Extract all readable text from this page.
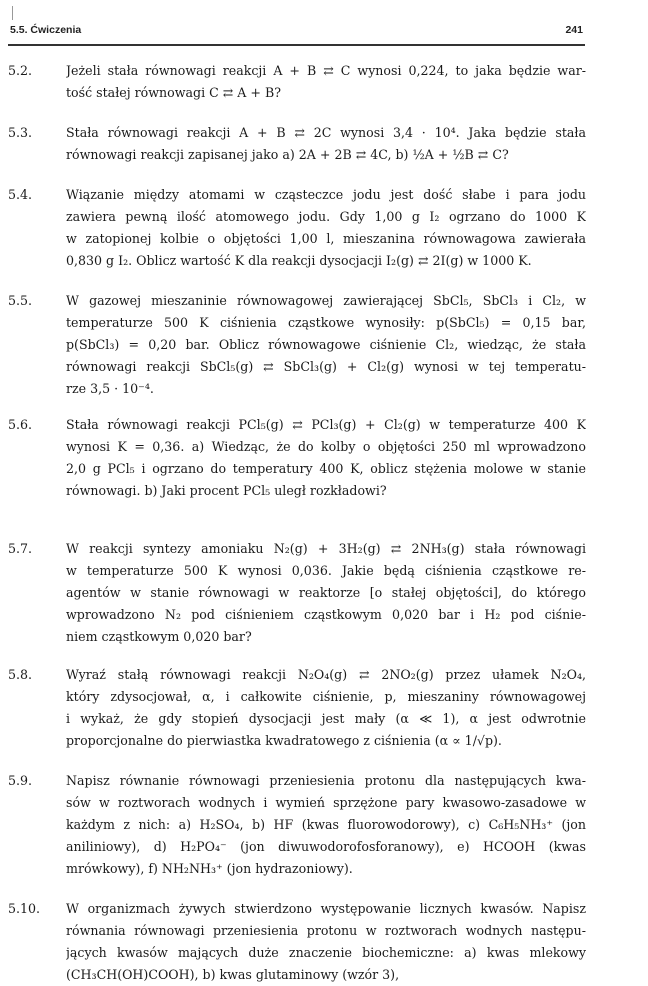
5.5. Ćwiczenia	241
5.2.	Jeżeli stała równowagi reakcji A + B ⇄ C wynosi 0,224, to jaka będzie war-
tość stałej równowagi C ⇄ A + B?
5.3.	Stała równowagi reakcji A + B ⇄ 2C wynosi 3,4 · 10⁴. Jaka będzie stała
równowagi reakcji zapisanej jako a) 2A + 2B ⇄ 4C, b) ½A + ½B ⇄ C?
5.4.	Wiązanie między atomami w cząsteczce jodu jest dość słabe i para jodu
zawiera pewną ilość atomowego jodu. Gdy 1,00 g I₂ ogrzano do 1000 K
w zatopionej kolbie o objętości 1,00 l, mieszanina równowagowa zawierała
0,830 g I₂. Oblicz wartość K dla reakcji dysocjacji I₂(g) ⇄ 2I(g) w 1000 K.
5.5.	W gazowej mieszaninie równowagowej zawierającej SbCl₅, SbCl₃ i Cl₂, w
temperaturze 500 K ciśnienia cząstkowe wynosiły: p(SbCl₅) = 0,15 bar,
p(SbCl₃) = 0,20 bar. Oblicz równowagowe ciśnienie Cl₂, wiedząc, że stała
równowagi reakcji SbCl₅(g) ⇄ SbCl₃(g) + Cl₂(g) wynosi w tej temperatu-
rze 3,5 · 10⁻⁴.
5.6.	Stała równowagi reakcji PCl₅(g) ⇄ PCl₃(g) + Cl₂(g) w temperaturze 400 K
wynosi K = 0,36. a) Wiedząc, że do kolby o objętości 250 ml wprowadzono
2,0 g PCl₅ i ogrzano do temperatury 400 K, oblicz stężenia molowe w stanie
równowagi. b) Jaki procent PCl₅ uległ rozkładowi?
5.7.	W reakcji syntezy amoniaku N₂(g) + 3H₂(g) ⇄ 2NH₃(g) stała równowagi
w temperaturze 500 K wynosi 0,036. Jakie będą ciśnienia cząstkowe re-
agentów w stanie równowagi w reaktorze [o stałej objętości], do którego
wprowadzono N₂ pod ciśnieniem cząstkowym 0,020 bar i H₂ pod ciśnie-
niem cząstkowym 0,020 bar?
5.8.	Wyraź stałą równowagi reakcji N₂O₄(g) ⇄ 2NO₂(g) przez ułamek N₂O₄,
który zdysocjował, α, i całkowite ciśnienie, p, mieszaniny równowagowej
i wykaż, że gdy stopień dysocjacji jest mały (α ≪ 1), α jest odwrotnie
proporcjonalne do pierwiastka kwadratowego z ciśnienia (α ∝ 1/√p).
5.9.	Napisz równanie równowagi przeniesienia protonu dla następujących kwa-
sów w roztworach wodnych i wymień sprzężone pary kwasowo-zasadowe w
każdym z nich: a) H₂SO₄, b) HF (kwas fluorowodorowy), c) C₆H₅NH₃⁺ (jon
aniliniowy), d) H₂PO₄⁻ (jon diwuwodorofosforanowy), e) HCOOH (kwas
mrówkowy), f) NH₂NH₃⁺ (jon hydrazoniowy).
5.10.	W organizmach żywych stwierdzono występowanie licznych kwasów. Napisz
równania równowagi przeniesienia protonu w roztworach wodnych następu-
jących kwasów mających duże znaczenie biochemiczne: a) kwas mlekowy
(CH₃CH(OH)COOH), b) kwas glutaminowy (wzór 3),
